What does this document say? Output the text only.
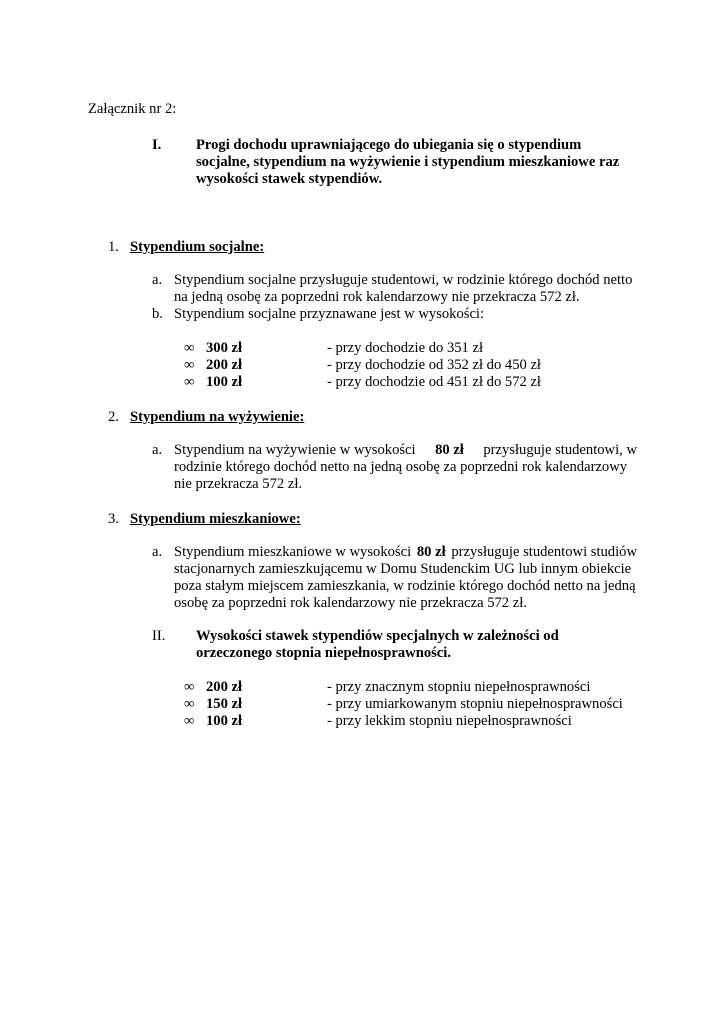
Załącznik nr 2:
I. Progi dochodu uprawniającego do ubiegania się o stypendium
socjalne, stypendium na wyżywienie i stypendium mieszkaniowe raz
wysokości stawek stypendiów.
1. Stypendium socjalne:
a. Stypendium socjalne przysługuje studentowi, w rodzinie którego dochód netto
na jedną osobę za poprzedni rok kalendarzowy nie przekracza 572 zł.
b. Stypendium socjalne przyznawane jest w wysokości:
∞ 300 zł	- przy dochodzie do 351 zł
∞ 200 zł	- przy dochodzie od 352 zł do 450 zł
∞ 100 zł	- przy dochodzie od 451 zł do 572 zł
2. Stypendium na wyżywienie:
a. Stypendium na wyżywienie w wysokości 80 zł przysługuje studentowi, w
rodzinie którego dochód netto na jedną osobę za poprzedni rok kalendarzowy
nie przekracza 572 zł.
3. Stypendium mieszkaniowe:
a. Stypendium mieszkaniowe w wysokości 80 zł przysługuje studentowi studiów
stacjonarnych zamieszkującemu w Domu Studenckim UG lub innym obiekcie
poza stałym miejscem zamieszkania, w rodzinie którego dochód netto na jedną
osobę za poprzedni rok kalendarzowy nie przekracza 572 zł.
II. Wysokości stawek stypendiów specjalnych w zależności od
orzeczonego stopnia niepełnosprawności.
∞ 200 zł	- przy znacznym stopniu niepełnosprawności
∞ 150 zł	- przy umiarkowanym stopniu niepełnosprawności
∞ 100 zł	- przy lekkim stopniu niepełnosprawności
